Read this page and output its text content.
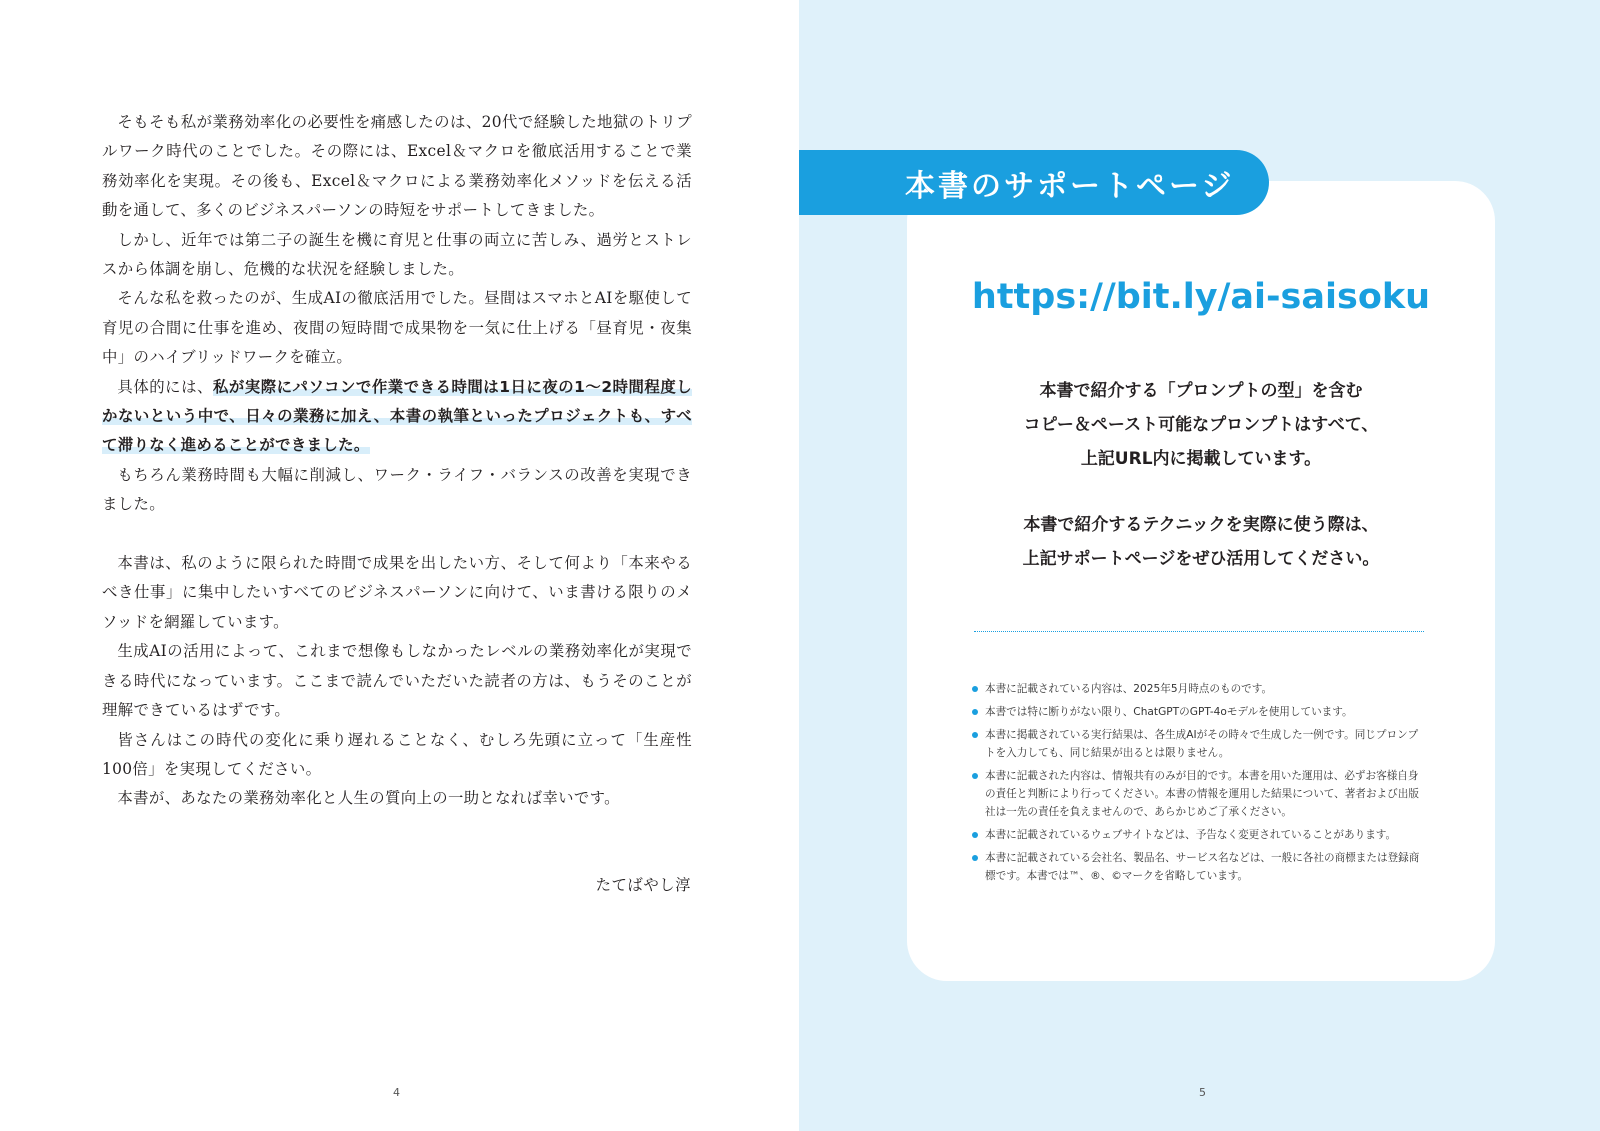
そもそも私が業務効率化の必要性を痛感したのは、20代で経験した地獄のトリプルワーク時代のことでした。その際には、Excel＆マクロを徹底活用することで業務効率化を実現。その後も、Excel＆マクロによる業務効率化メソッドを伝える活動を通して、多くのビジネスパーソンの時短をサポートしてきました。

しかし、近年では第二子の誕生を機に育児と仕事の両立に苦しみ、過労とストレスから体調を崩し、危機的な状況を経験しました。

そんな私を救ったのが、生成AIの徹底活用でした。昼間はスマホとAIを駆使して育児の合間に仕事を進め、夜間の短時間で成果物を一気に仕上げる「昼育児・夜集中」のハイブリッドワークを確立。

具体的には、私が実際にパソコンで作業できる時間は1日に夜の1〜2時間程度しかないという中で、日々の業務に加え、本書の執筆といったプロジェクトも、すべて滞りなく進めることができました。

もちろん業務時間も大幅に削減し、ワーク・ライフ・バランスの改善を実現できました。

本書は、私のように限られた時間で成果を出したい方、そして何より「本来やるべき仕事」に集中したいすべてのビジネスパーソンに向けて、いま書ける限りのメソッドを網羅しています。

生成AIの活用によって、これまで想像もしなかったレベルの業務効率化が実現できる時代になっています。ここまで読んでいただいた読者の方は、もうそのことが理解できているはずです。

皆さんはこの時代の変化に乗り遅れることなく、むしろ先頭に立って「生産性100倍」を実現してください。

本書が、あなたの業務効率化と人生の質向上の一助となれば幸いです。

たてばやし淳
4
本書のサポートページ
https://bit.ly/ai-saisoku

本書で紹介する「プロンプトの型」を含む

コピー＆ペースト可能なプロンプトはすべて、

上記URL内に掲載しています。

本書で紹介するテクニックを実際に使う際は、

上記サポートページをぜひ活用してください。

本書に記載されている内容は、2025年5月時点のものです。
本書では特に断りがない限り、ChatGPTのGPT-4oモデルを使用しています。
本書に掲載されている実行結果は、各生成AIがその時々で生成した一例です。同じプロンプトを入力しても、同じ結果が出るとは限りません。
本書に記載された内容は、情報共有のみが目的です。本書を用いた運用は、必ずお客様自身の責任と判断により行ってください。本書の情報を運用した結果について、著者および出版社は一先の責任を負えませんので、あらかじめご了承ください。
本書に記載されているウェブサイトなどは、予告なく変更されていることがあります。
本書に記載されている会社名、製品名、サービス名などは、一般に各社の商標または登録商標です。本書では™、®、©マークを省略しています。
5
